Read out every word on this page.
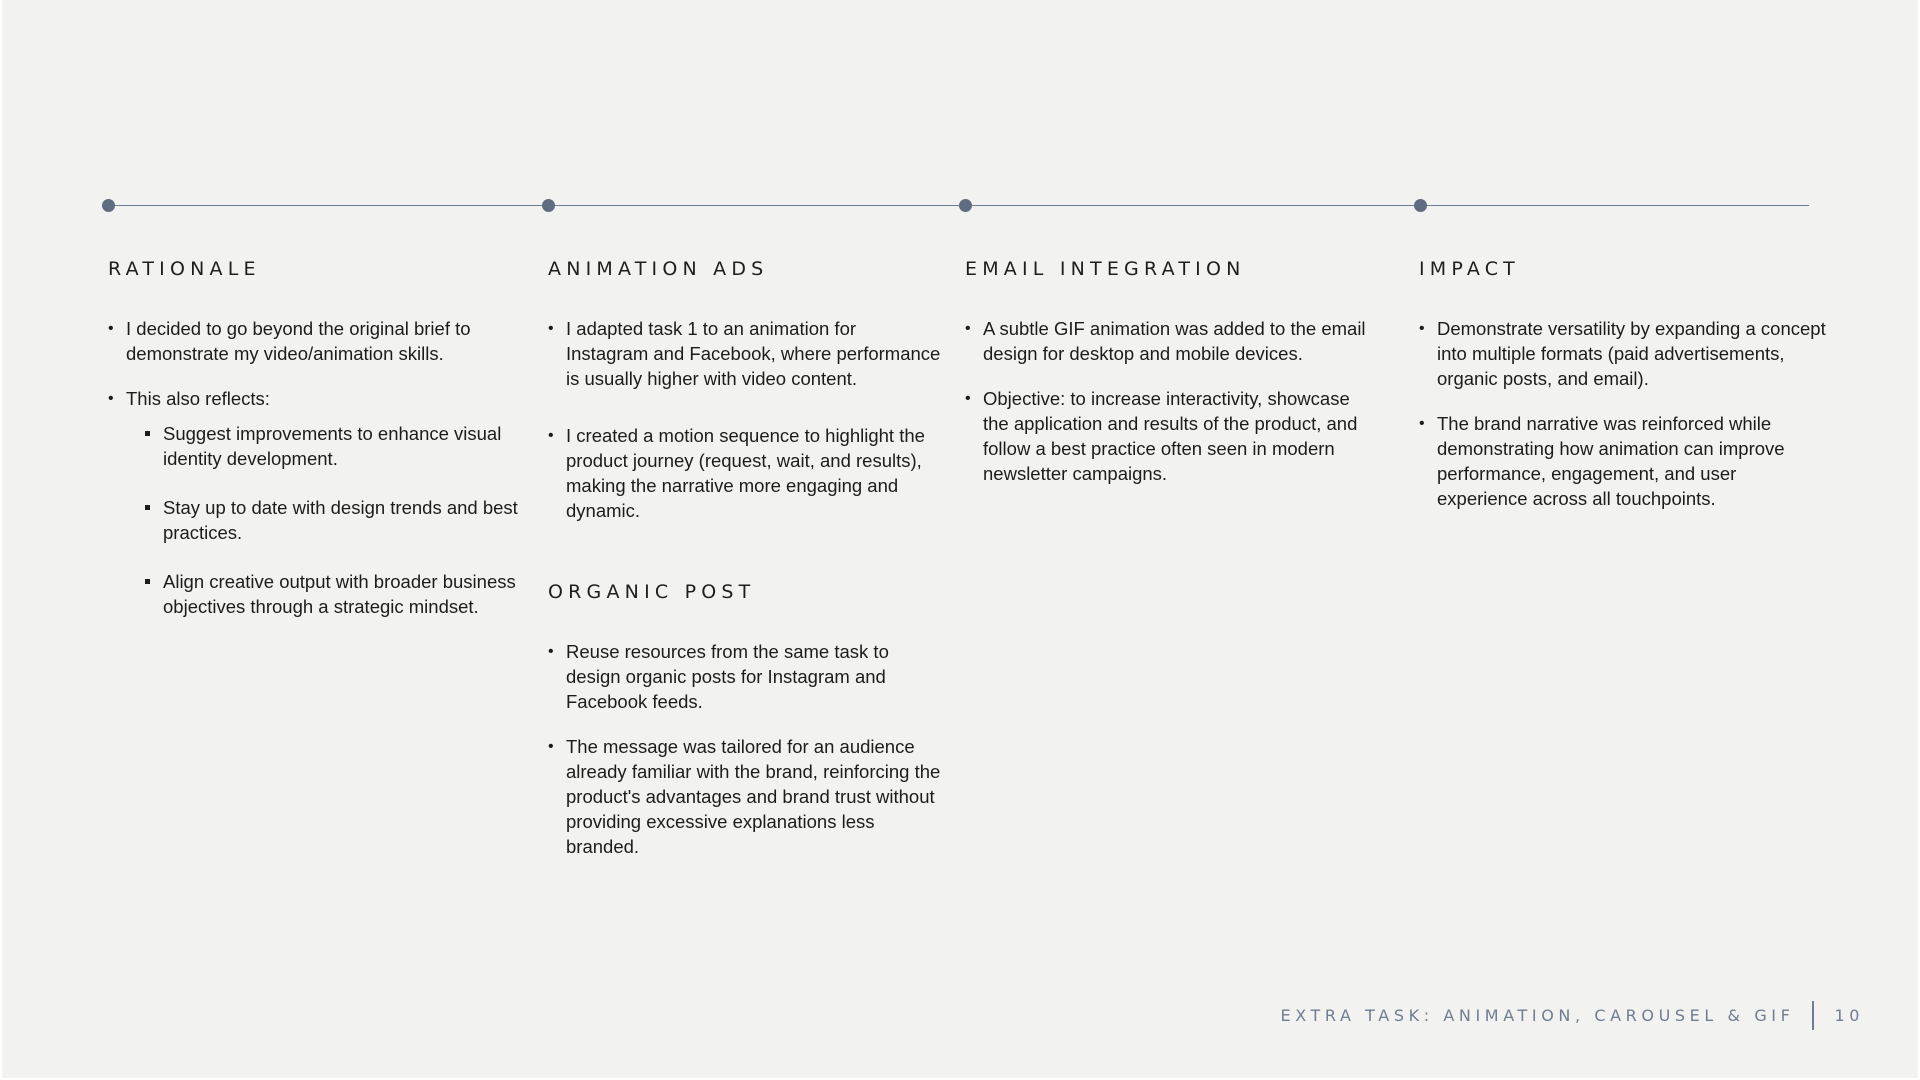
RATIONALE
• I decided to go beyond the original brief to demonstrate my video/animation skills.
• This also reflects:
Suggest improvements to enhance visual identity development.
Stay up to date with design trends and best practices.
Align creative output with broader business objectives through a strategic mindset.
ANIMATION ADS
• I adapted task 1 to an animation for Instagram and Facebook, where performance is usually higher with video content.
• I created a motion sequence to highlight the product journey (request, wait, and results), making the narrative more engaging and dynamic.
ORGANIC POST
• Reuse resources from the same task to design organic posts for Instagram and Facebook feeds.
• The message was tailored for an audience already familiar with the brand, reinforcing the product's advantages and brand trust without providing excessive explanations less branded.
EMAIL INTEGRATION
• A subtle GIF animation was added to the email design for desktop and mobile devices.
• Objective: to increase interactivity, showcase the application and results of the product, and follow a best practice often seen in modern newsletter campaigns.
IMPACT
• Demonstrate versatility by expanding a concept into multiple formats (paid advertisements, organic posts, and email).
• The brand narrative was reinforced while demonstrating how animation can improve performance, engagement, and user experience across all touchpoints.
EXTRA TASK: ANIMATION, CAROUSEL & GIF	10
